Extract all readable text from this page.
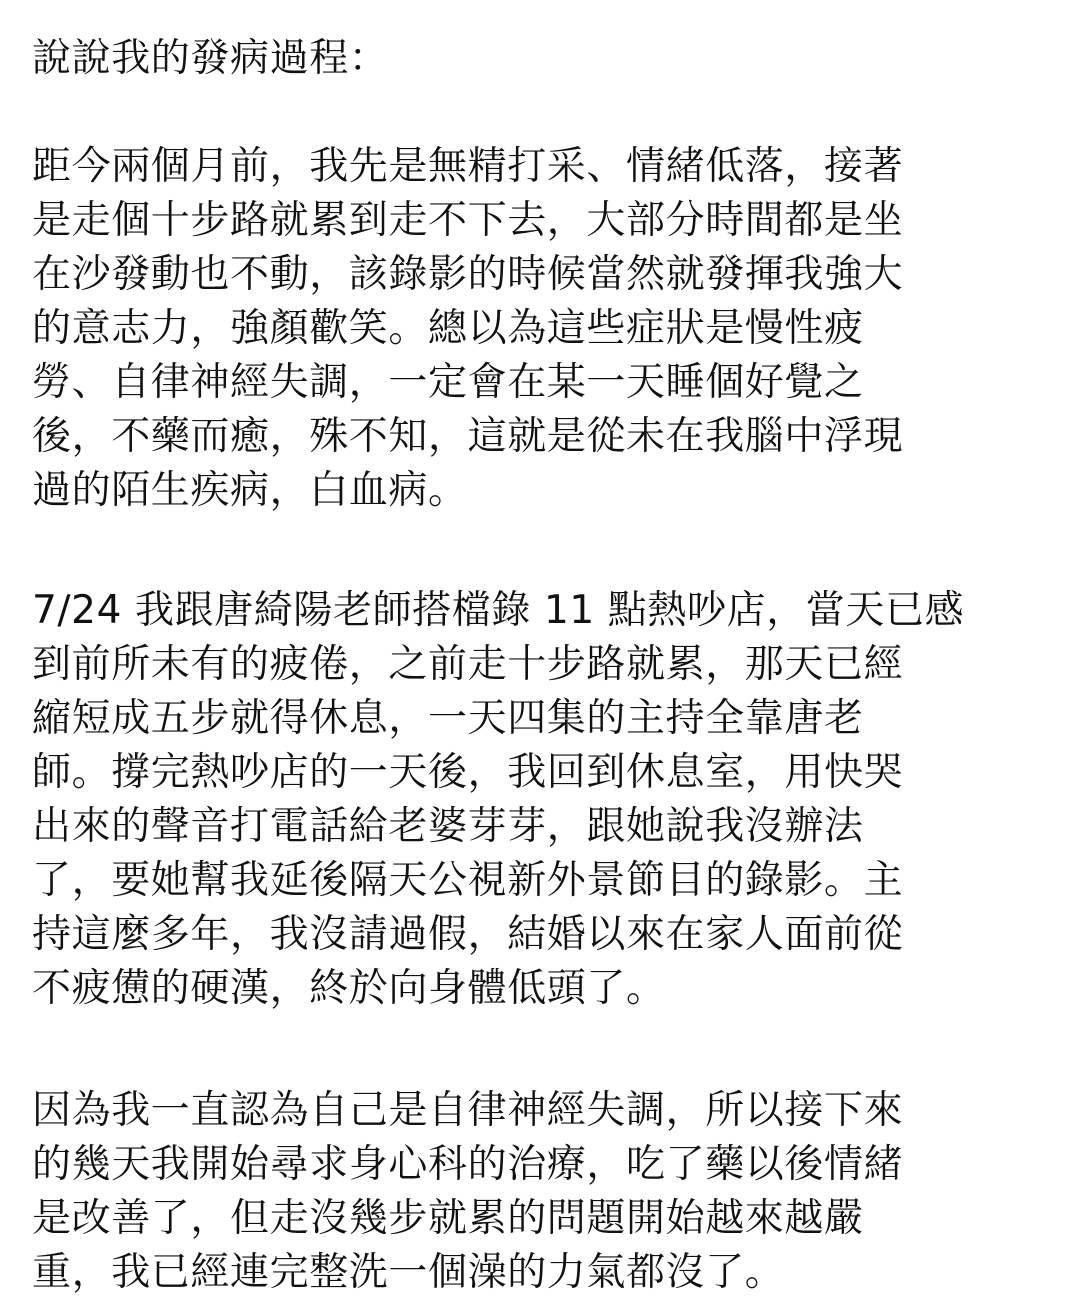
說說我的發病過程：
距今兩個月前，我先是無精打采、情緒低落，接著
是走個十步路就累到走不下去，大部分時間都是坐
在沙發動也不動，該錄影的時候當然就發揮我強大
的意志力，強顏歡笑。總以為這些症狀是慢性疲
勞、自律神經失調，一定會在某一天睡個好覺之
後，不藥而癒，殊不知，這就是從未在我腦中浮現
過的陌生疾病，白血病。
7/24 我跟唐綺陽老師搭檔錄 11 點熱吵店，當天已感
到前所未有的疲倦，之前走十步路就累，那天已經
縮短成五步就得休息，一天四集的主持全靠唐老
師。撐完熱吵店的一天後，我回到休息室，用快哭
出來的聲音打電話給老婆芽芽，跟她說我沒辦法
了，要她幫我延後隔天公視新外景節目的錄影。主
持這麼多年，我沒請過假，結婚以來在家人面前從
不疲憊的硬漢，終於向身體低頭了。
因為我一直認為自己是自律神經失調，所以接下來
的幾天我開始尋求身心科的治療，吃了藥以後情緒
是改善了，但走沒幾步就累的問題開始越來越嚴
重，我已經連完整洗一個澡的力氣都沒了。
